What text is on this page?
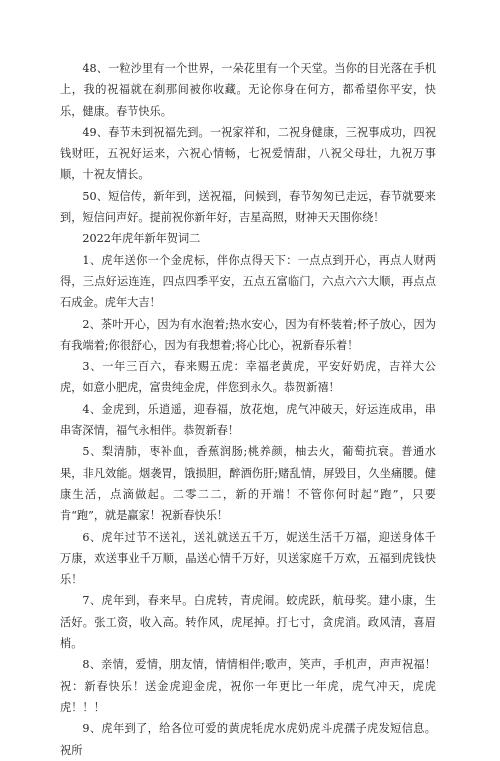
48、一粒沙里有一个世界，一朵花里有一个天堂。当你的目光落在手机上，我的祝福就在刹那间被你收藏。无论你身在何方，都希望你平安，快乐，健康。春节快乐。

49、春节未到祝福先到。一祝家祥和，二祝身健康，三祝事成功，四祝钱财旺，五祝好运来，六祝心情畅，七祝爱情甜，八祝父母壮，九祝万事顺，十祝友情长。

50、短信传，新年到，送祝福，问候到，春节匆匆已走远，春节就要来到，短信问声好。提前祝你新年好，吉星高照，财神天天围你绕！

2022年虎年新年贺词二

1、虎年送你一个金虎标，伴你点得天下：一点点到开心，再点人财两得，三点好运连连，四点四季平安，五点五富临门，六点六六大顺，再点点石成金。虎年大吉！

2、茶叶开心，因为有水泡着;热水安心，因为有杯装着;杯子放心，因为有我端着;你很舒心，因为有我想着;将心比心，祝新春乐着！

3、一年三百六，春来赐五虎：幸福老黄虎，平安好奶虎，吉祥大公虎，如意小肥虎，富贵纯金虎，伴您到永久。恭贺新禧！

4、金虎到，乐逍遥，迎春福，放花炮，虎气冲破天，好运连成串，串串寄深情，福气永相伴。恭贺新春！

5、梨清肺，枣补血，香蕉润肠;桃养颜，柚去火，葡萄抗衰。普通水果，非凡效能。烟袭胃，饿损胆，醉酒伤肝;赌乱情，屏毁目，久坐痛腰。健康生活，点滴做起。二零二二，新的开端！不管你何时起“跑”，只要肯“跑”，就是赢家！祝新春快乐！

6、虎年过节不送礼，送礼就送五千万，妮送生活千万福，迎送身体千万康，欢送事业千万顺，晶送心情千万好，贝送家庭千万欢，五福到虎钱快乐！

7、虎年到，春来早。白虎转，青虎闹。蛟虎跃，航母奖。建小康，生活好。张工资，收入高。转作风，虎尾掉。打七寸，贪虎消。政风清，喜眉梢。

8、亲情，爱情，朋友情，情情相伴;歌声，笑声，手机声，声声祝福！祝：新春快乐！送金虎迎金虎，祝你一年更比一年虎，虎气冲天，虎虎虎！！！

9、虎年到了，给各位可爱的黄虎牦虎水虎奶虎斗虎孺子虎发短信息。祝所
